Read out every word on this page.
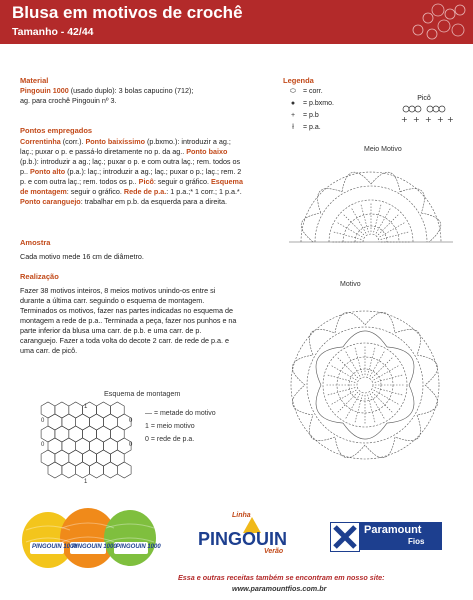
Blusa em motivos de crochê
Tamanho - 42/44

Material

Pingouin 1000 (usado duplo): 3 bolas capucino (712);

ag. para crochê Pingouin nº 3.

Pontos empregados

Correntinha (corr.). Ponto baixíssimo (p.bxmo.): introduzir a ag.; laç.; puxar o p. e passá-lo diretamente no p. da ag.. Ponto baixo (p.b.): introduzir a ag.; laç.; puxar o p. e com outra laç.; rem. todos os p.. Ponto alto (p.a.): laç.; introduzir a ag.; laç.; puxar o p.; laç.; rem. 2 p. e com outra laç.; rem. todos os p.. Picô: seguir o gráfico. Esquema de montagem: seguir o gráfico. Rede de p.a.: 1 p.a.;* 1 corr.; 1 p.a.*. Ponto caranguejo: trabalhar em p.b. da esquerda para a direita.

Amostra

Cada motivo mede 16 cm de diâmetro.

Realização

Fazer 38 motivos inteiros, 8 meios motivos unindo-os entre si durante a última carr. seguindo o esquema de montagem. Terminados os motivos, fazer nas partes indicadas no esquema de montagem a rede de p.a.. Terminada a peça, fazer nos punhos e na parte inferior da blusa uma carr. de p.b. e uma carr. de p. caranguejo. Fazer a toda volta do decote 2 carr. de rede de p.a. e uma carr. de picô.

Esquema de montagem
0
0
0
0
1
1
— = metade do motivo
1 = meio motivo
0 = rede de p.a.
Legenda
⬭ = corr.
● = p.bxmo.
+ = p.b
ł = p.a.
Picô
+ + + + +
Meio Motivo
Motivo
PINGOUIN 1000
PINGOUIN 1000 PINGOUIN 1000
Linha
PINGOUIN
Verão
Paramount
Fios
Essa e outras receitas também se encontram em nosso site:
www.paramountfios.com.br
